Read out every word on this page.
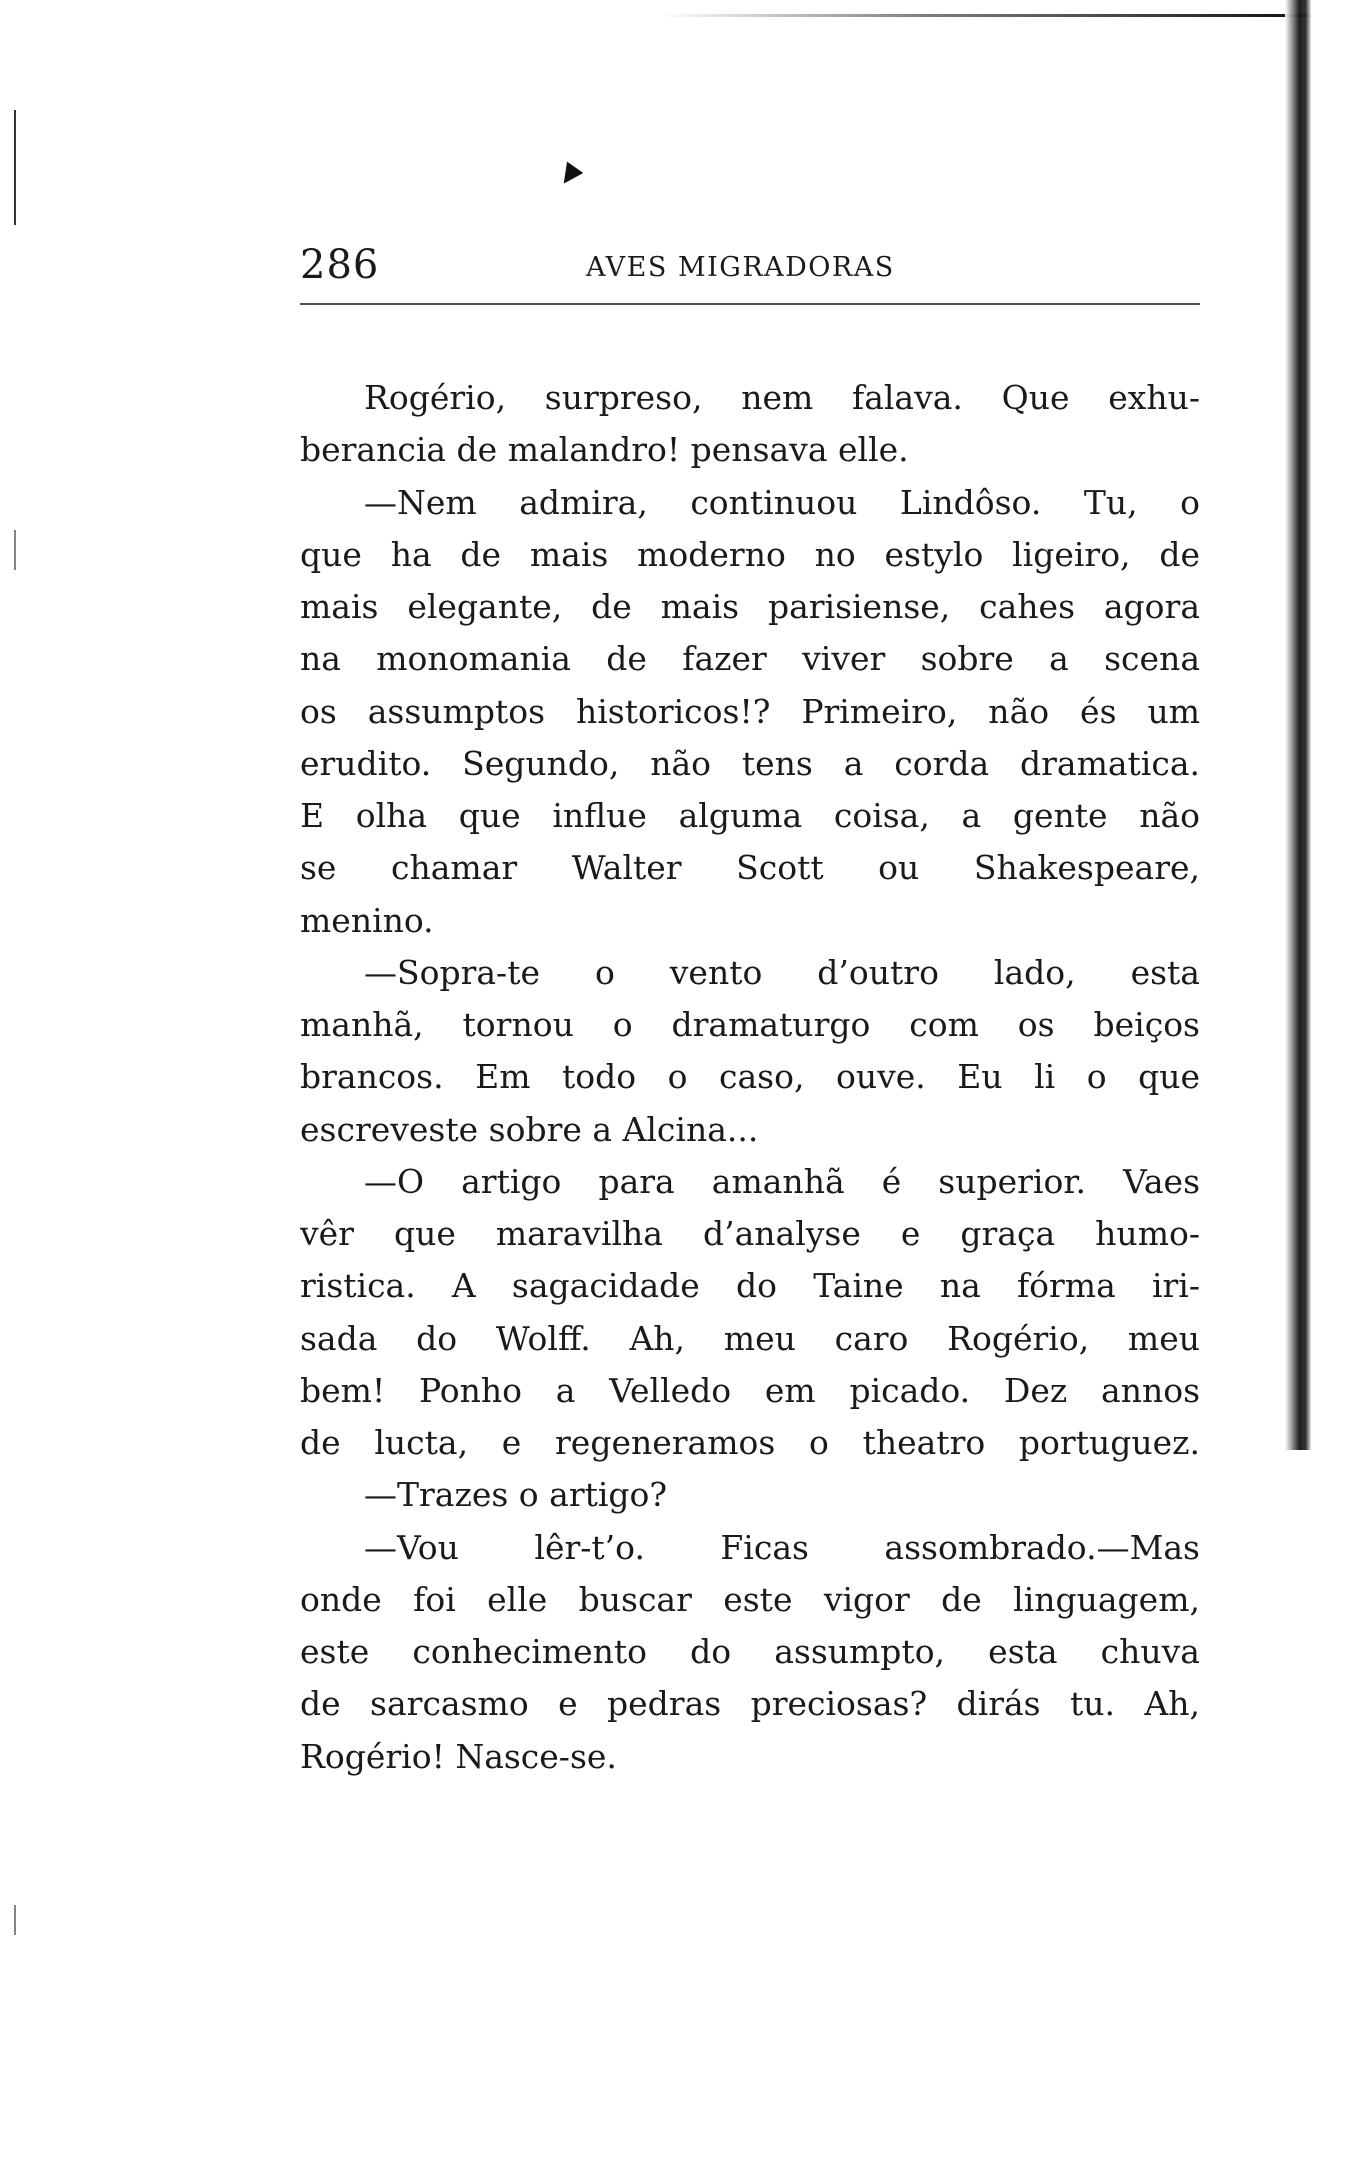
▼
286	AVES MIGRADORAS
Rogério, surpreso, nem falava. Que exhu-
berancia de malandro! pensava elle.
—Nem admira, continuou Lindôso. Tu, o
que ha de mais moderno no estylo ligeiro, de
mais elegante, de mais parisiense, cahes agora
na monomania de fazer viver sobre a scena
os assumptos historicos!? Primeiro, não és um
erudito. Segundo, não tens a corda dramatica.
E olha que influe alguma coisa, a gente não
se chamar Walter Scott ou Shakespeare,
menino.
—Sopra-te o vento d’outro lado, esta
manhã, tornou o dramaturgo com os beiços
brancos. Em todo o caso, ouve. Eu li o que
escreveste sobre a Alcina...
—O artigo para amanhã é superior. Vaes
vêr que maravilha d’analyse e graça humo-
ristica. A sagacidade do Taine na fórma iri-
sada do Wolff. Ah, meu caro Rogério, meu
bem! Ponho a Velledo em picado. Dez annos
de lucta, e regeneramos o theatro portuguez.
—Trazes o artigo?
—Vou lêr-t’o. Ficas assombrado.—Mas
onde foi elle buscar este vigor de linguagem,
este conhecimento do assumpto, esta chuva
de sarcasmo e pedras preciosas? dirás tu. Ah,
Rogério! Nasce-se.
